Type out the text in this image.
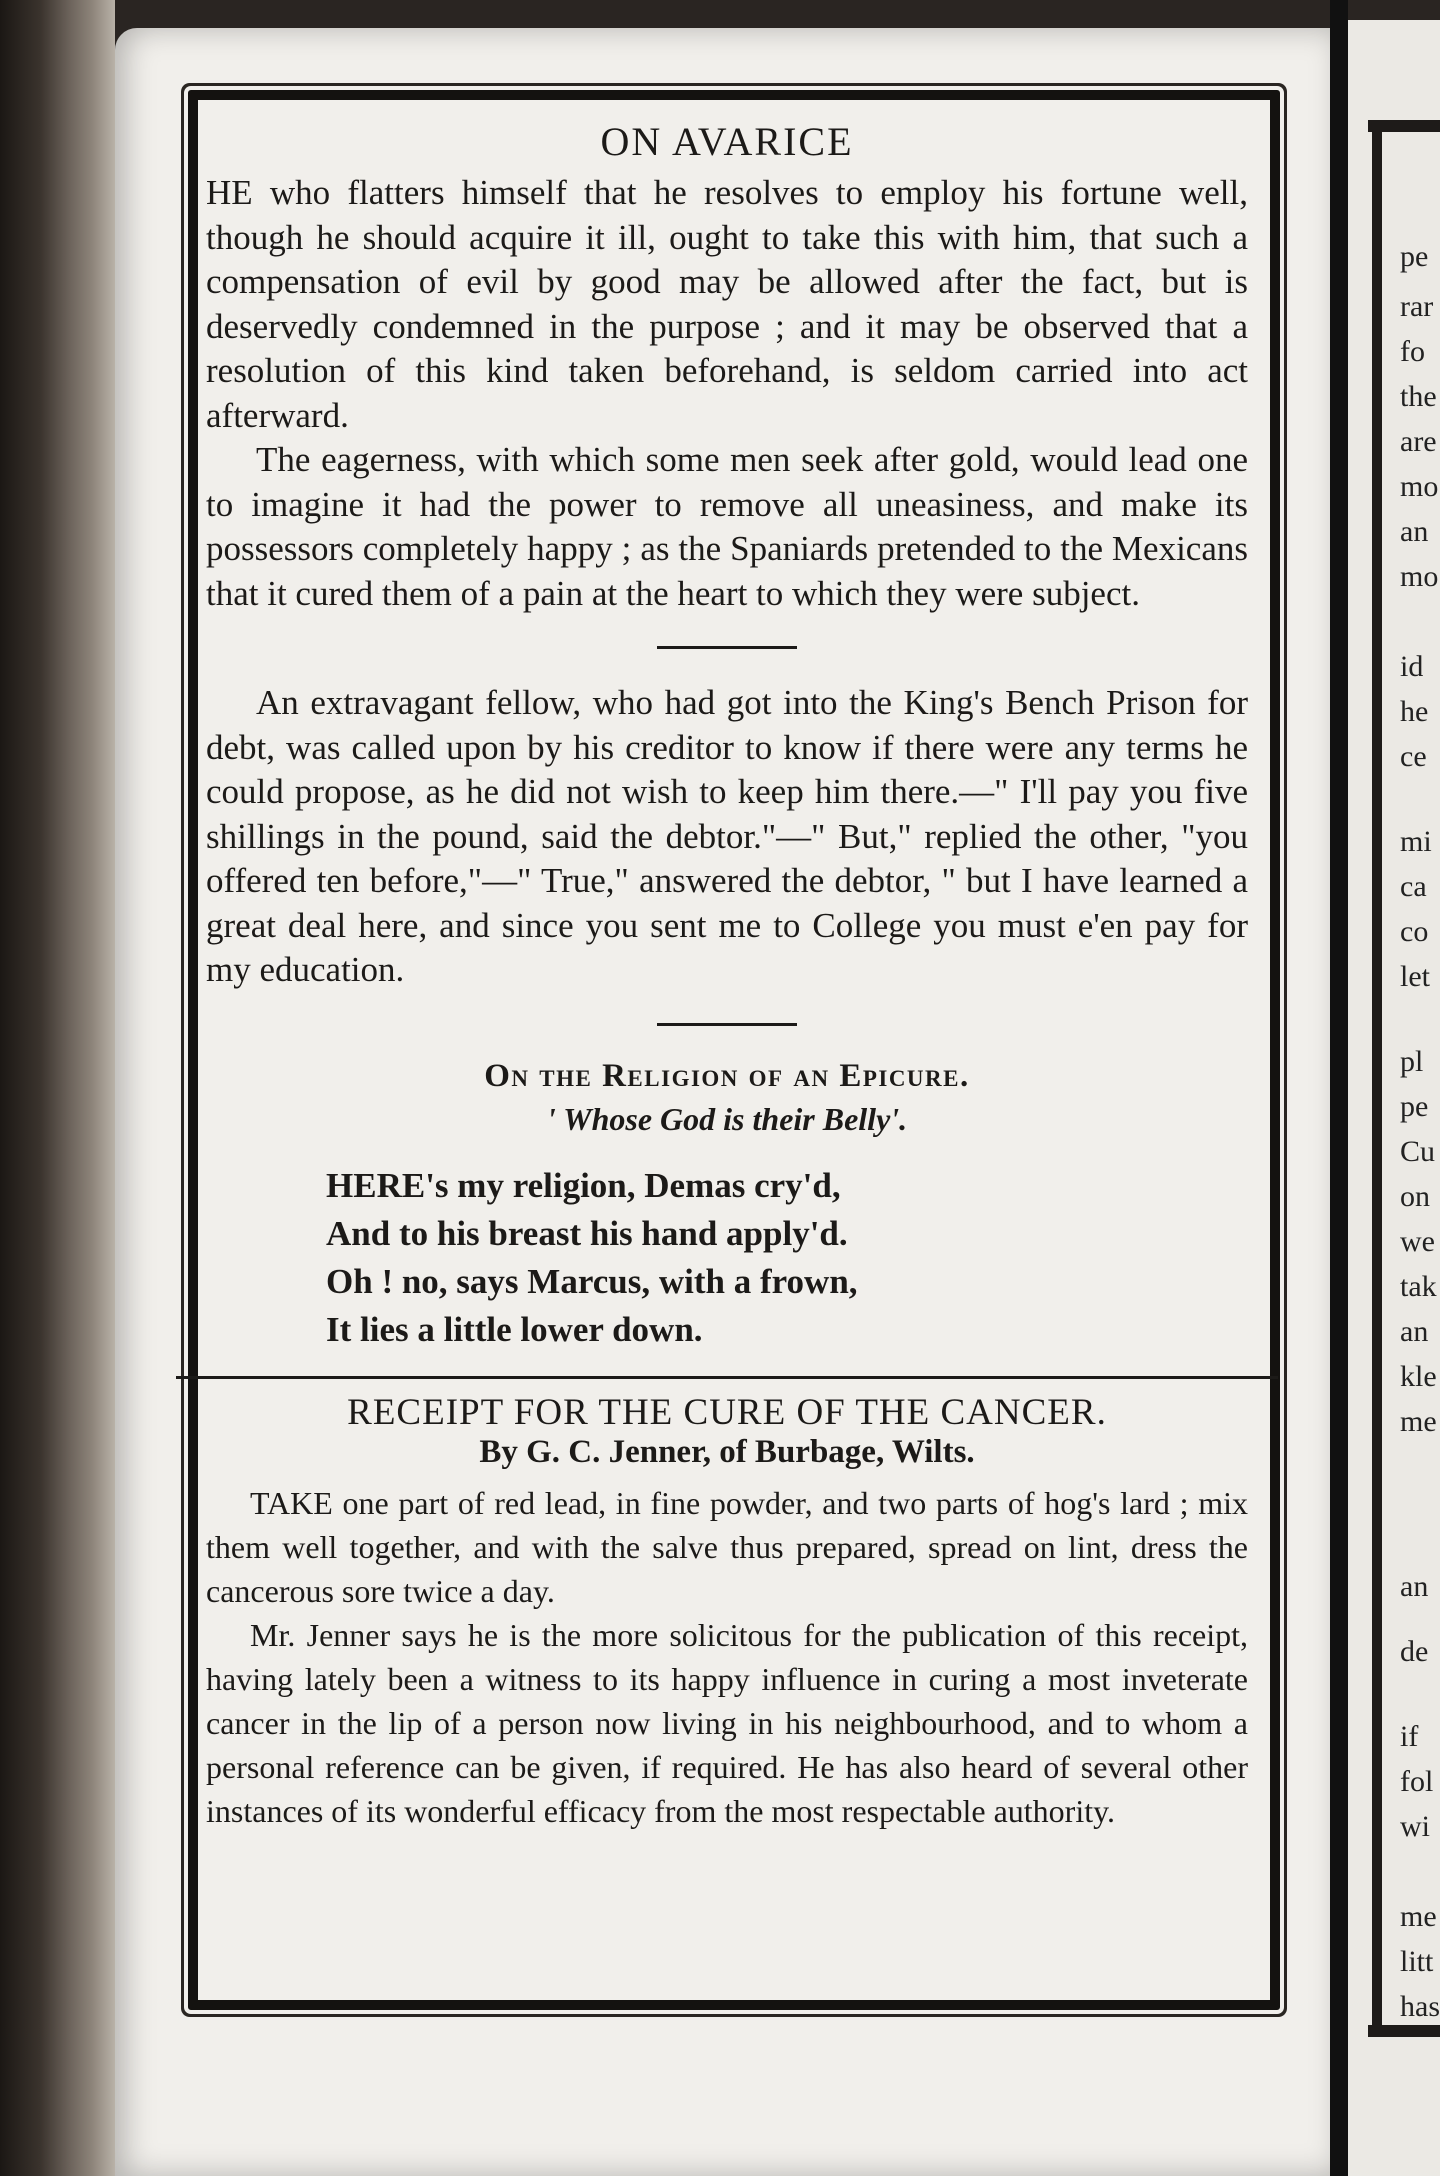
pe
rar
fo
the
are
mo
an
mo
id
he
ce
mi
ca
co
let
pl
pe
Cu
on
we
tak
an
kle
me
an
de
if
fol
wi
me
litt
has
ON AVARICE

HE who flatters himself that he resolves to employ his fortune well, though he should acquire it ill, ought to take this with him, that such a compensation of evil by good may be allowed after the fact, but is deservedly condemned in the purpose ; and it may be observed that a resolution of this kind taken beforehand, is seldom carried into act afterward.

The eagerness, with which some men seek after gold, would lead one to imagine it had the power to remove all uneasiness, and make its possessors completely happy ; as the Spaniards pretended to the Mexicans that it cured them of a pain at the heart to which they were subject.

An extravagant fellow, who had got into the King's Bench Prison for debt, was called upon by his creditor to know if there were any terms he could propose, as he did not wish to keep him there.—" I'll pay you five shillings in the pound, said the debtor."—" But," replied the other, "you offered ten before,"—" True," answered the debtor, " but I have learned a great deal here, and since you sent me to College you must e'en pay for my education.

On the Religion of an Epicure.

' Whose God is their Belly'.

HERE's my religion, Demas cry'd,

And to his breast his hand apply'd.

Oh ! no, says Marcus, with a frown,

It lies a little lower down.

RECEIPT FOR THE CURE OF THE CANCER.

By G. C. Jenner, of Burbage, Wilts.

TAKE one part of red lead, in fine powder, and two parts of hog's lard ; mix them well together, and with the salve thus prepared, spread on lint, dress the cancerous sore twice a day.

Mr. Jenner says he is the more solicitous for the publication of this receipt, having lately been a witness to its happy influence in curing a most inveterate cancer in the lip of a person now living in his neighbourhood, and to whom a personal reference can be given, if required. He has also heard of several other instances of its wonderful efficacy from the most respectable authority.
